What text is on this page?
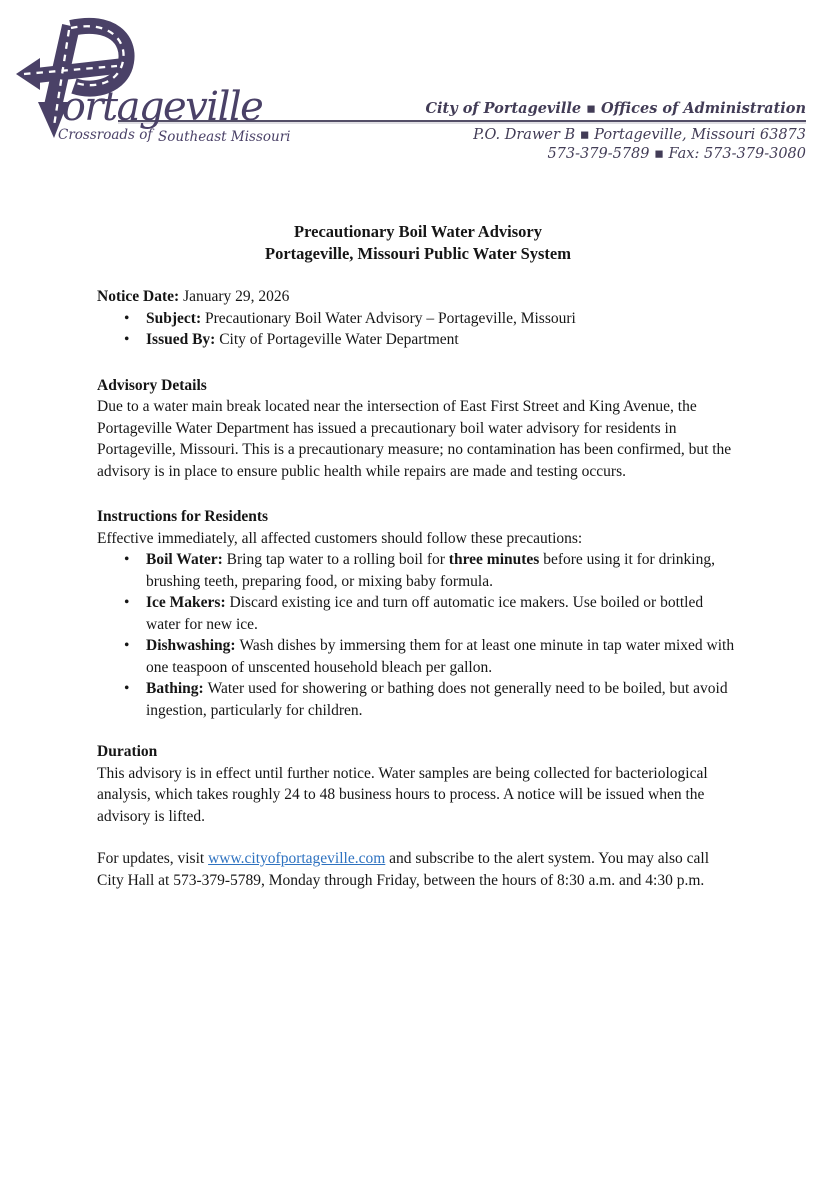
Portageville
Crossroads of Southeast Missouri
City of Portageville ▪ Offices of Administration
P.O. Drawer B ▪ Portageville, Missouri 63873
573-379-5789 ▪ Fax: 573-379-3080
Precautionary Boil Water Advisory
Portageville, Missouri Public Water System
Notice Date: January 29, 2026
• Subject: Precautionary Boil Water Advisory – Portageville, Missouri
• Issued By: City of Portageville Water Department
Advisory Details

Due to a water main break located near the intersection of East First Street and King Avenue, the Portageville Water Department has issued a precautionary boil water advisory for residents in Portageville, Missouri. This is a precautionary measure; no contamination has been confirmed, but the advisory is in place to ensure public health while repairs are made and testing occurs.

Instructions for Residents
Effective immediately, all affected customers should follow these precautions:
• Boil Water: Bring tap water to a rolling boil for three minutes before using it for drinking, brushing teeth, preparing food, or mixing baby formula.
• Ice Makers: Discard existing ice and turn off automatic ice makers. Use boiled or bottled water for new ice.
• Dishwashing: Wash dishes by immersing them for at least one minute in tap water mixed with one teaspoon of unscented household bleach per gallon.
• Bathing: Water used for showering or bathing does not generally need to be boiled, but avoid ingestion, particularly for children.
Duration

This advisory is in effect until further notice. Water samples are being collected for bacteriological analysis, which takes roughly 24 to 48 business hours to process. A notice will be issued when the advisory is lifted.

For updates, visit www.cityofportageville.com and subscribe to the alert system. You may also call City Hall at 573-379-5789, Monday through Friday, between the hours of 8:30 a.m. and 4:30 p.m.
